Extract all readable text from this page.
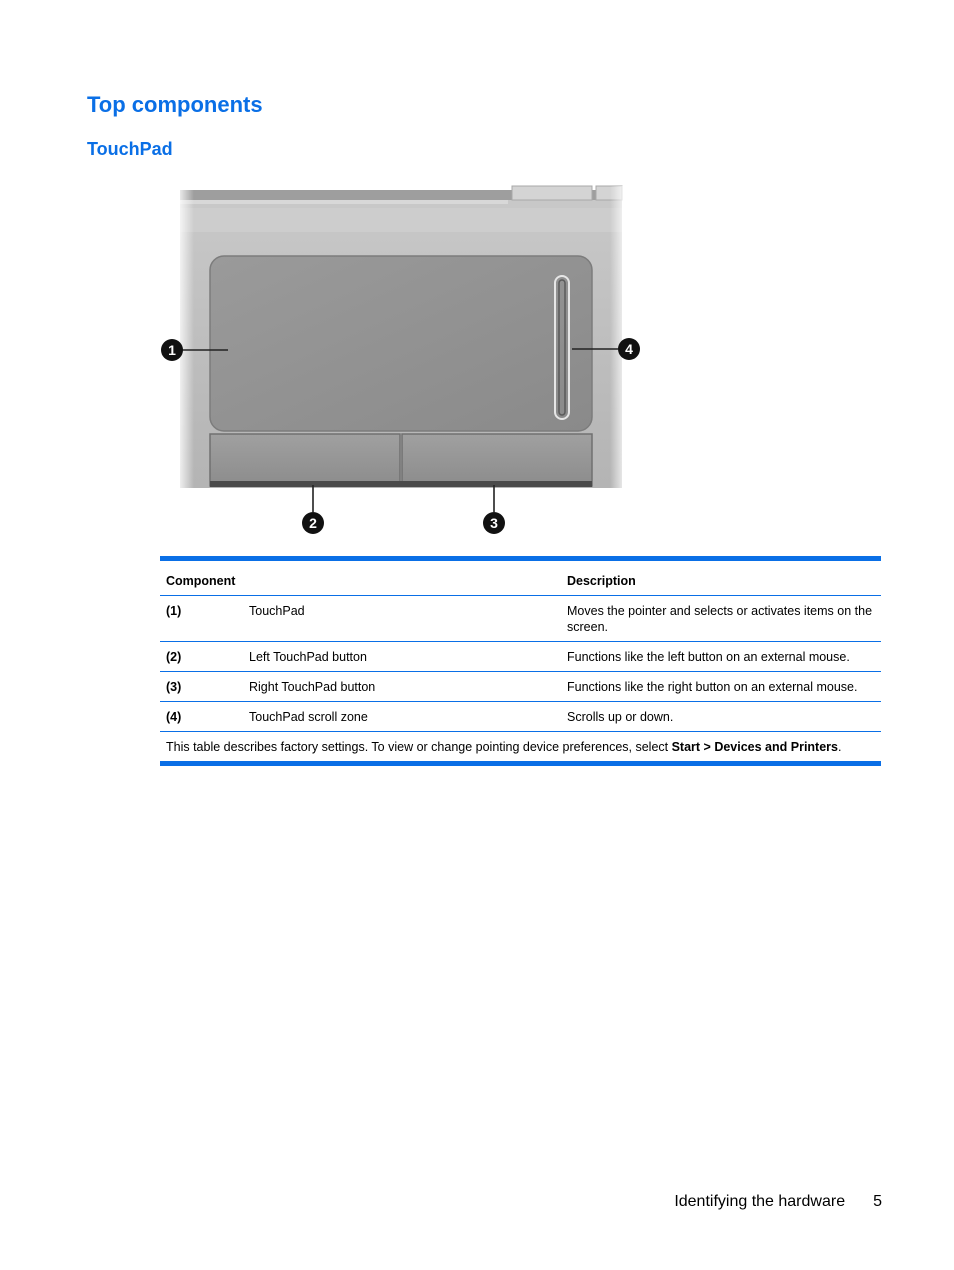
Top components
TouchPad
1	4
2	3
Component	Description
(1)	TouchPad	Moves the pointer and selects or activates items on the screen.
(2)	Left TouchPad button	Functions like the left button on an external mouse.
(3)	Right TouchPad button	Functions like the right button on an external mouse.
(4)	TouchPad scroll zone	Scrolls up or down.
This table describes factory settings. To view or change pointing device preferences, select Start > Devices and Printers.
Identifying the hardware 5
